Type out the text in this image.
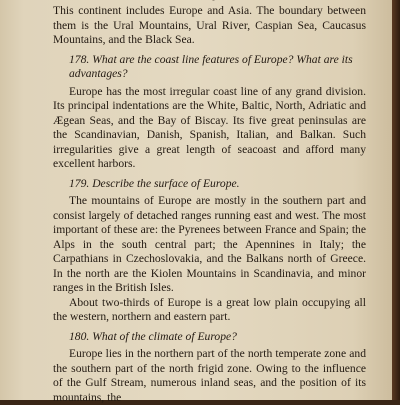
This continent includes Europe and Asia. The boundary between them is the Ural Mountains, Ural River, Caspian Sea, Caucasus Mountains, and the Black Sea.

178. What are the coast line features of Europe? What are its advantages?

Europe has the most irregular coast line of any grand division. Its principal indentations are the White, Baltic, North, Adriatic and Ægean Seas, and the Bay of Biscay. Its five great peninsulas are the Scandinavian, Danish, Spanish, Italian, and Balkan. Such irregularities give a great length of seacoast and afford many excellent harbors.

179. Describe the surface of Europe.

The mountains of Europe are mostly in the southern part and consist largely of detached ranges running east and west. The most important of these are: the Pyrenees between France and Spain; the Alps in the south central part; the Apennines in Italy; the Carpathians in Czechoslovakia, and the Balkans north of Greece. In the north are the Kiolen Mountains in Scandinavia, and minor ranges in the British Isles.

About two-thirds of Europe is a great low plain occupying all the western, northern and eastern part.

180. What of the climate of Europe?

Europe lies in the northern part of the north temperate zone and the southern part of the north frigid zone. Owing to the influence of the Gulf Stream, numerous inland seas, and the position of its mountains, the
